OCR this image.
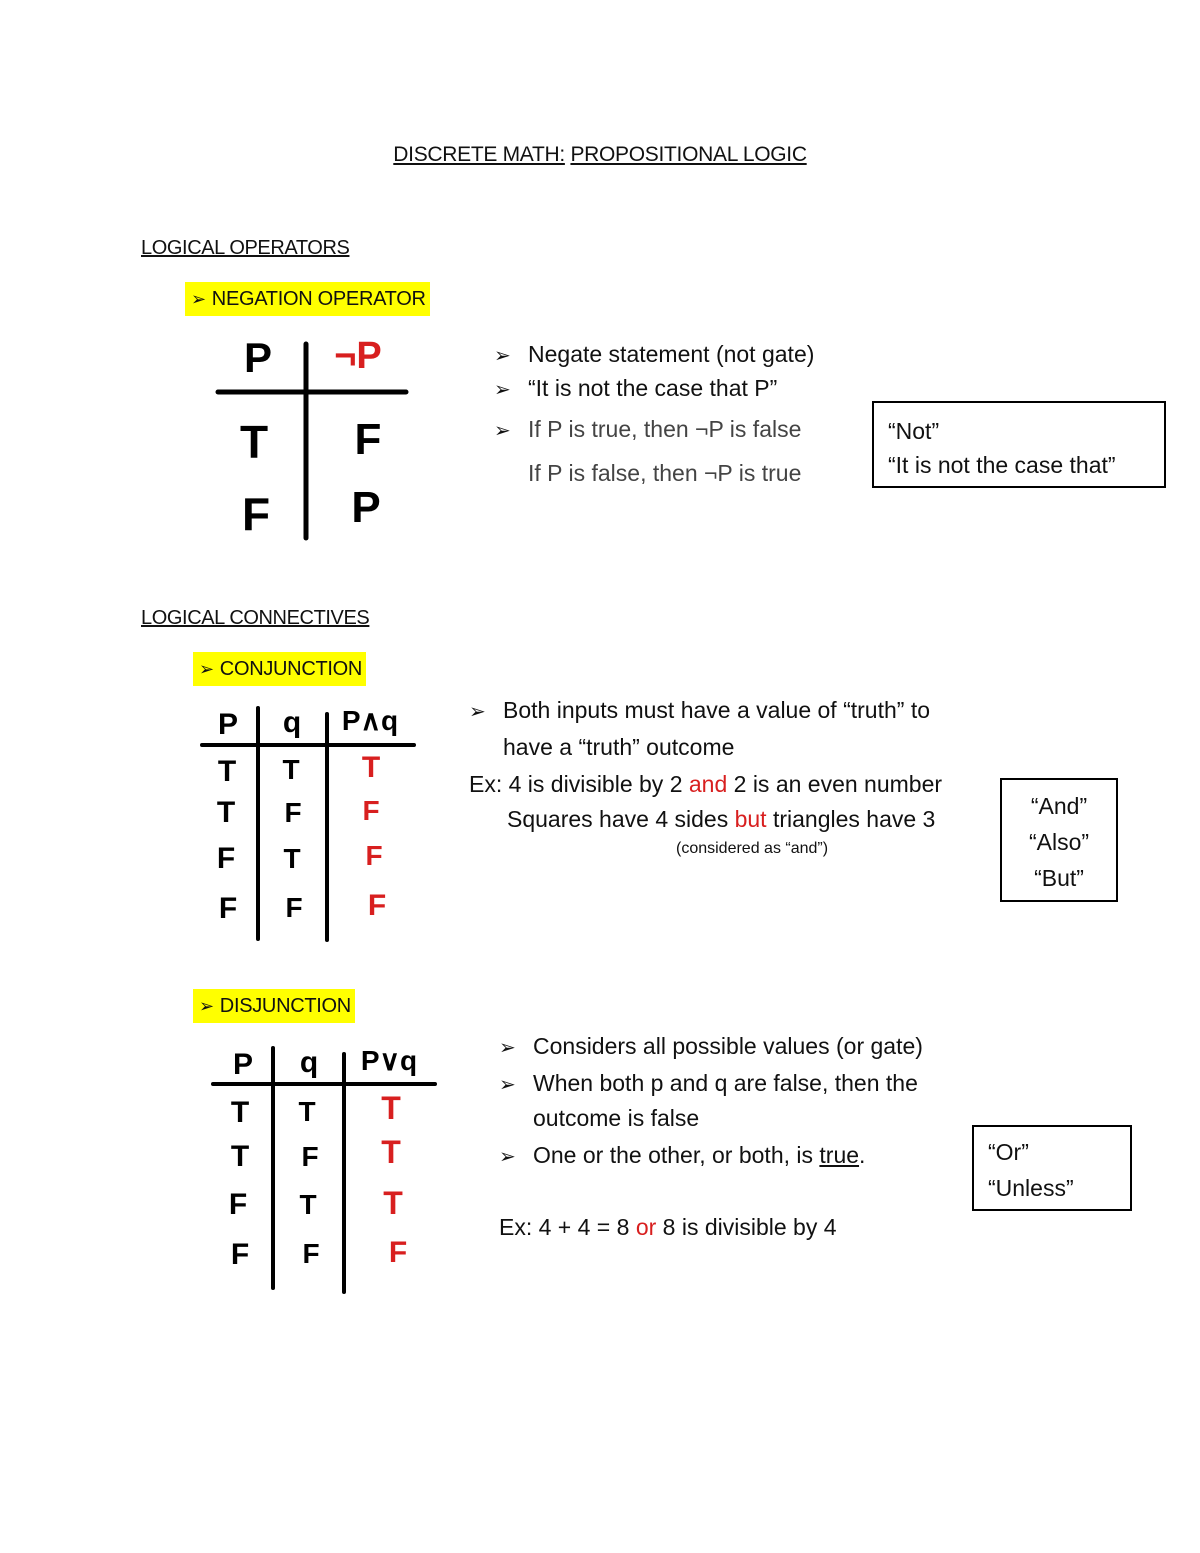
DISCRETE MATH: PROPOSITIONAL LOGIC
LOGICAL OPERATORS
➢ NEGATION OPERATOR
P ¬P
T F
F P
➢ Negate statement (not gate)
➢ “It is not the case that P”
➢ If P is true, then ¬P is false
If P is false, then ¬P is true
“Not”
“It is not the case that”
LOGICAL CONNECTIVES
➢ CONJUNCTION
P q P∧q
T T T
T F F
F T F
F F F
➢ Both inputs must have a value of “truth” to
have a “truth” outcome
Ex: 4 is divisible by 2 and 2 is an even number
Squares have 4 sides but triangles have 3
(considered as “and”)
“And”
“Also”
“But”
➢ DISJUNCTION
P q P∨q
T T T
T F T
F T T
F F F
➢ Considers all possible values (or gate)
➢ When both p and q are false, then the
outcome is false
➢ One or the other, or both, is true.
Ex: 4 + 4 = 8 or 8 is divisible by 4
“Or”
“Unless”
